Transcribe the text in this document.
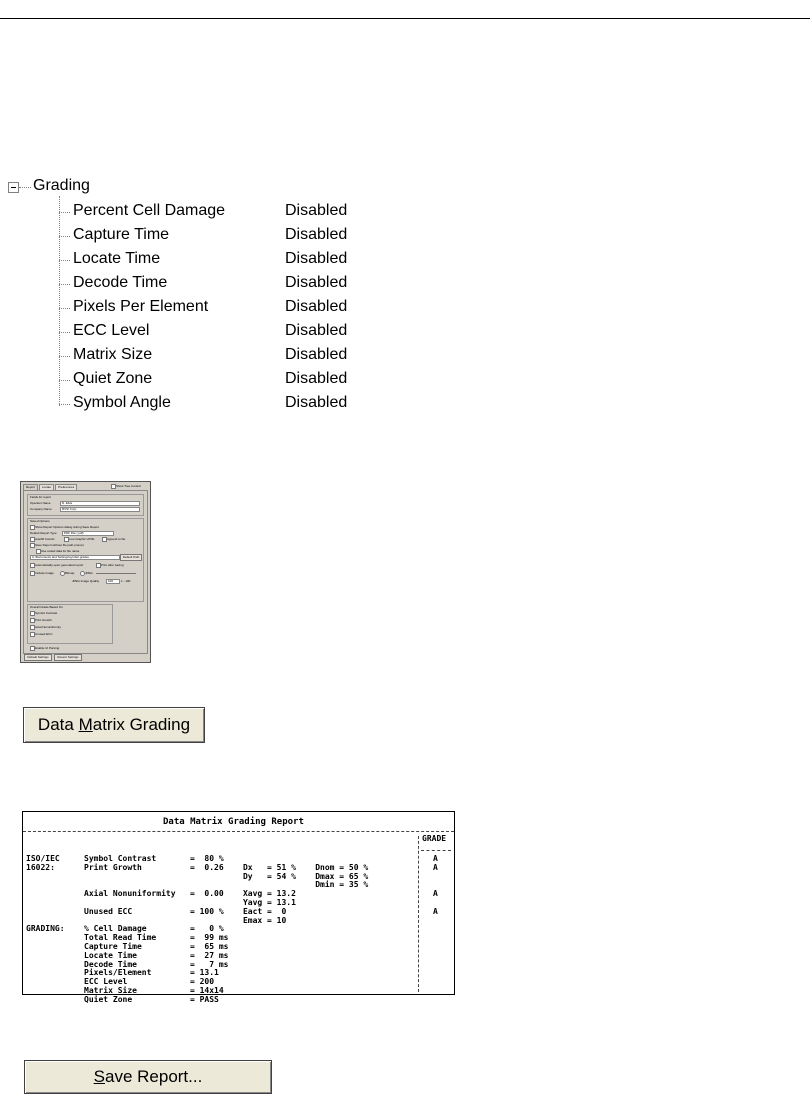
Grading
Percent Cell Damage	Disabled
Capture Time	Disabled
Locate Time	Disabled
Decode Time	Disabled
Pixels Per Element	Disabled
ECC Level	Disabled
Matrix Size	Disabled
Quiet Zone	Disabled
Symbol Angle	Disabled
Report	Locate	Preferences	Show Tree Control
Fields for report
Operator Name	D. Elvis
Company Name	RVSI Corp
Saved Options
Show Report Options dialog during Save Report
Default Report Type PDF File (.pdf)
Autofill Coords	Low Graphic HTML	Append to file
Save Report without file path prompt
Use coded data for file name
C:\Documents and Settings\symbol grades	Default Path
Automatically open generated report	Print after saving
Include Image	Bitmap	JPEG
JPEG Image Quality	100	1 - 100
Overall Grade Based On
Symbol Contrast
Print Growth
Axial Nonuniformity
Unused ECC
Enable UI Parsing
Default Settings	Recent Settings
Data Matrix Grading
Data Matrix Grading Report
GRADE
ISO/IEC	Symbol Contrast       =  80 %	A
16022:	Print Growth          =  0.26    Dx   = 51 %    Dnom = 50 %	A
Dy   = 54 %    Dmax = 65 %
Dmin = 35 %
Axial Nonuniformity   =  0.00    Xavg = 13.2	A
Yavg = 13.1
Unused ECC            = 100 %    Eact =  0	A
Emax = 10
GRADING: % Cell Damage         =   0 %
Total Read Time       =  99 ms
Capture Time          =  65 ms
Locate Time           =  27 ms
Decode Time           =   7 ms
Pixels/Element        = 13.1
ECC Level             = 200
Matrix Size           = 14x14
Quiet Zone            = PASS
Save Report...
